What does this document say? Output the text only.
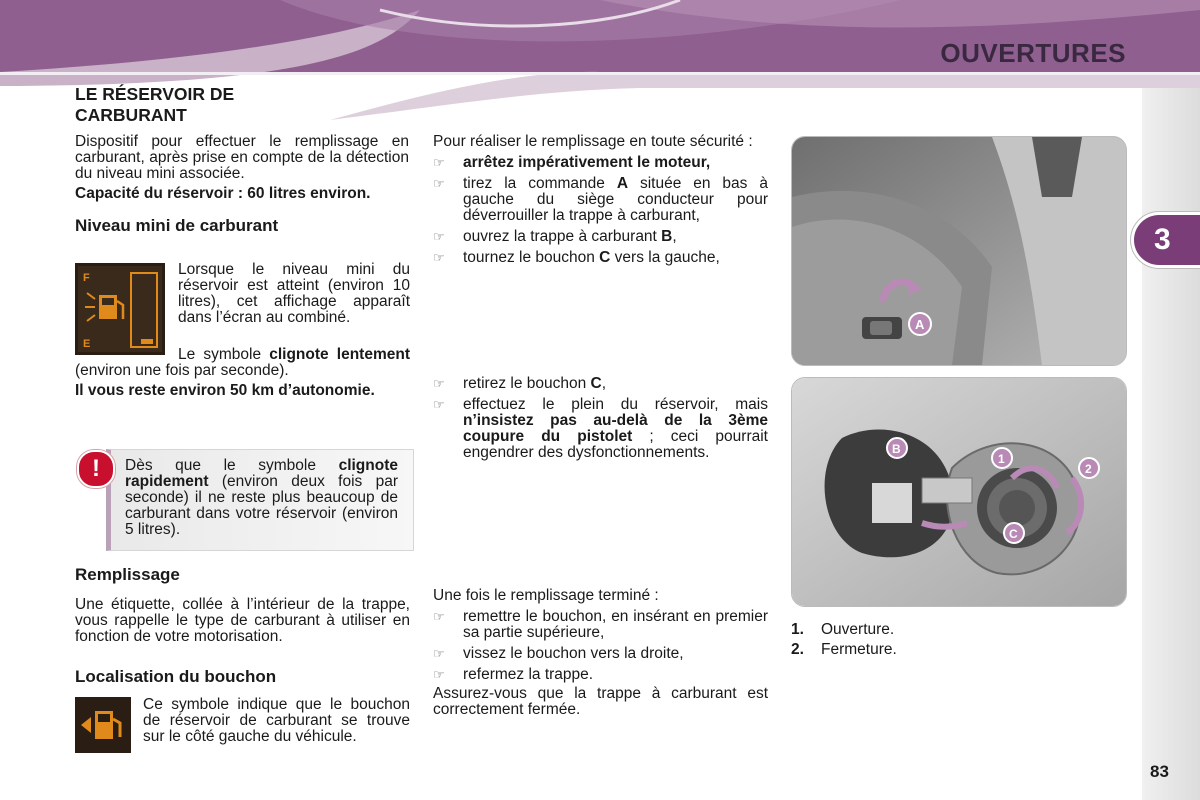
OUVERTURES
3
83
LE RÉSERVOIR DE
CARBURANT

Dispositif pour effectuer le remplissage en carburant, après prise en compte de la détection du niveau mini associée.

Capacité du réservoir : 60 litres environ.

Niveau mini de carburant
F
E
Lorsque le niveau mini du réservoir est atteint (environ 10 litres), cet affichage apparaît dans l’écran au combiné.
Le symbole clignote lentement (environ une fois par seconde).
Il vous reste environ 50 km d’autonomie.
!	Dès que le symbole clignote rapidement (environ deux fois par seconde) il ne reste plus beaucoup de carburant dans votre réservoir (environ 5 litres).
Remplissage
Une étiquette, collée à l’intérieur de la trappe, vous rappelle le type de carburant à utiliser en fonction de votre motorisation.
Localisation du bouchon
Ce symbole indique que le bouchon de réservoir de carburant se trouve sur le côté gauche du véhicule.

Pour réaliser le remplissage en toute sécurité :

☞ arrêtez impérativement le moteur,
☞ tirez la commande A située en bas à gauche du siège conducteur pour déverrouiller la trappe à carburant,
☞ ouvrez la trappe à carburant B,
☞ tournez le bouchon C vers la gauche,
☞ retirez le bouchon C,
☞ effectuez le plein du réservoir, mais n’insistez pas au-delà de la 3ème coupure du pistolet ; ceci pourrait engendrer des dysfonctionnements.

Une fois le remplissage terminé :

☞ remettre le bouchon, en insérant en premier sa partie supérieure,
☞ vissez le bouchon vers la droite,
☞ refermez la trappe.

Assurez-vous que la trappe à carburant est correctement fermée.

A
B
1
2
C
1. Ouverture.
2. Fermeture.
